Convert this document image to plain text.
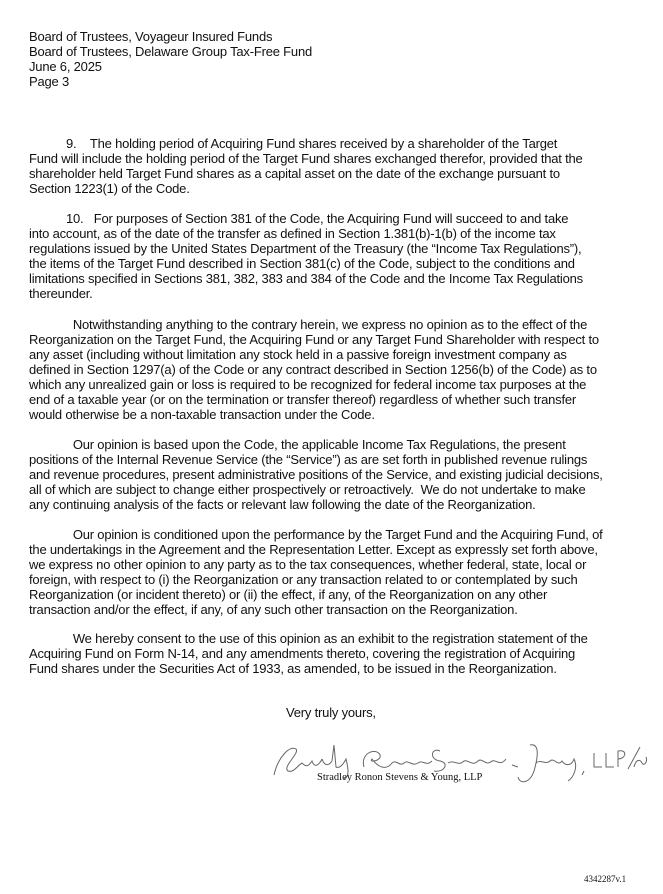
Board of Trustees, Voyageur Insured Funds
Board of Trustees, Delaware Group Tax-Free Fund
June 6, 2025
Page 3
9.    The holding period of Acquiring Fund shares received by a shareholder of the Target
Fund will include the holding period of the Target Fund shares exchanged therefor, provided that the
shareholder held Target Fund shares as a capital asset on the date of the exchange pursuant to
Section 1223(1) of the Code.
10.   For purposes of Section 381 of the Code, the Acquiring Fund will succeed to and take
into account, as of the date of the transfer as defined in Section 1.381(b)-1(b) of the income tax
regulations issued by the United States Department of the Treasury (the “Income Tax Regulations”),
the items of the Target Fund described in Section 381(c) of the Code, subject to the conditions and
limitations specified in Sections 381, 382, 383 and 384 of the Code and the Income Tax Regulations
thereunder.
Notwithstanding anything to the contrary herein, we express no opinion as to the effect of the
Reorganization on the Target Fund, the Acquiring Fund or any Target Fund Shareholder with respect to
any asset (including without limitation any stock held in a passive foreign investment company as
defined in Section 1297(a) of the Code or any contract described in Section 1256(b) of the Code) as to
which any unrealized gain or loss is required to be recognized for federal income tax purposes at the
end of a taxable year (or on the termination or transfer thereof) regardless of whether such transfer
would otherwise be a non-taxable transaction under the Code.
Our opinion is based upon the Code, the applicable Income Tax Regulations, the present
positions of the Internal Revenue Service (the “Service”) as are set forth in published revenue rulings
and revenue procedures, present administrative positions of the Service, and existing judicial decisions,
all of which are subject to change either prospectively or retroactively.  We do not undertake to make
any continuing analysis of the facts or relevant law following the date of the Reorganization.
Our opinion is conditioned upon the performance by the Target Fund and the Acquiring Fund, of
the undertakings in the Agreement and the Representation Letter. Except as expressly set forth above,
we express no other opinion to any party as to the tax consequences, whether federal, state, local or
foreign, with respect to (i) the Reorganization or any transaction related to or contemplated by such
Reorganization (or incident thereto) or (ii) the effect, if any, of the Reorganization on any other
transaction and/or the effect, if any, of any such other transaction on the Reorganization.
We hereby consent to the use of this opinion as an exhibit to the registration statement of the
Acquiring Fund on Form N-14, and any amendments thereto, covering the registration of Acquiring
Fund shares under the Securities Act of 1933, as amended, to be issued in the Reorganization.
Very truly yours,
Stradley Ronon Stevens & Young, LLP
4342287v.1
